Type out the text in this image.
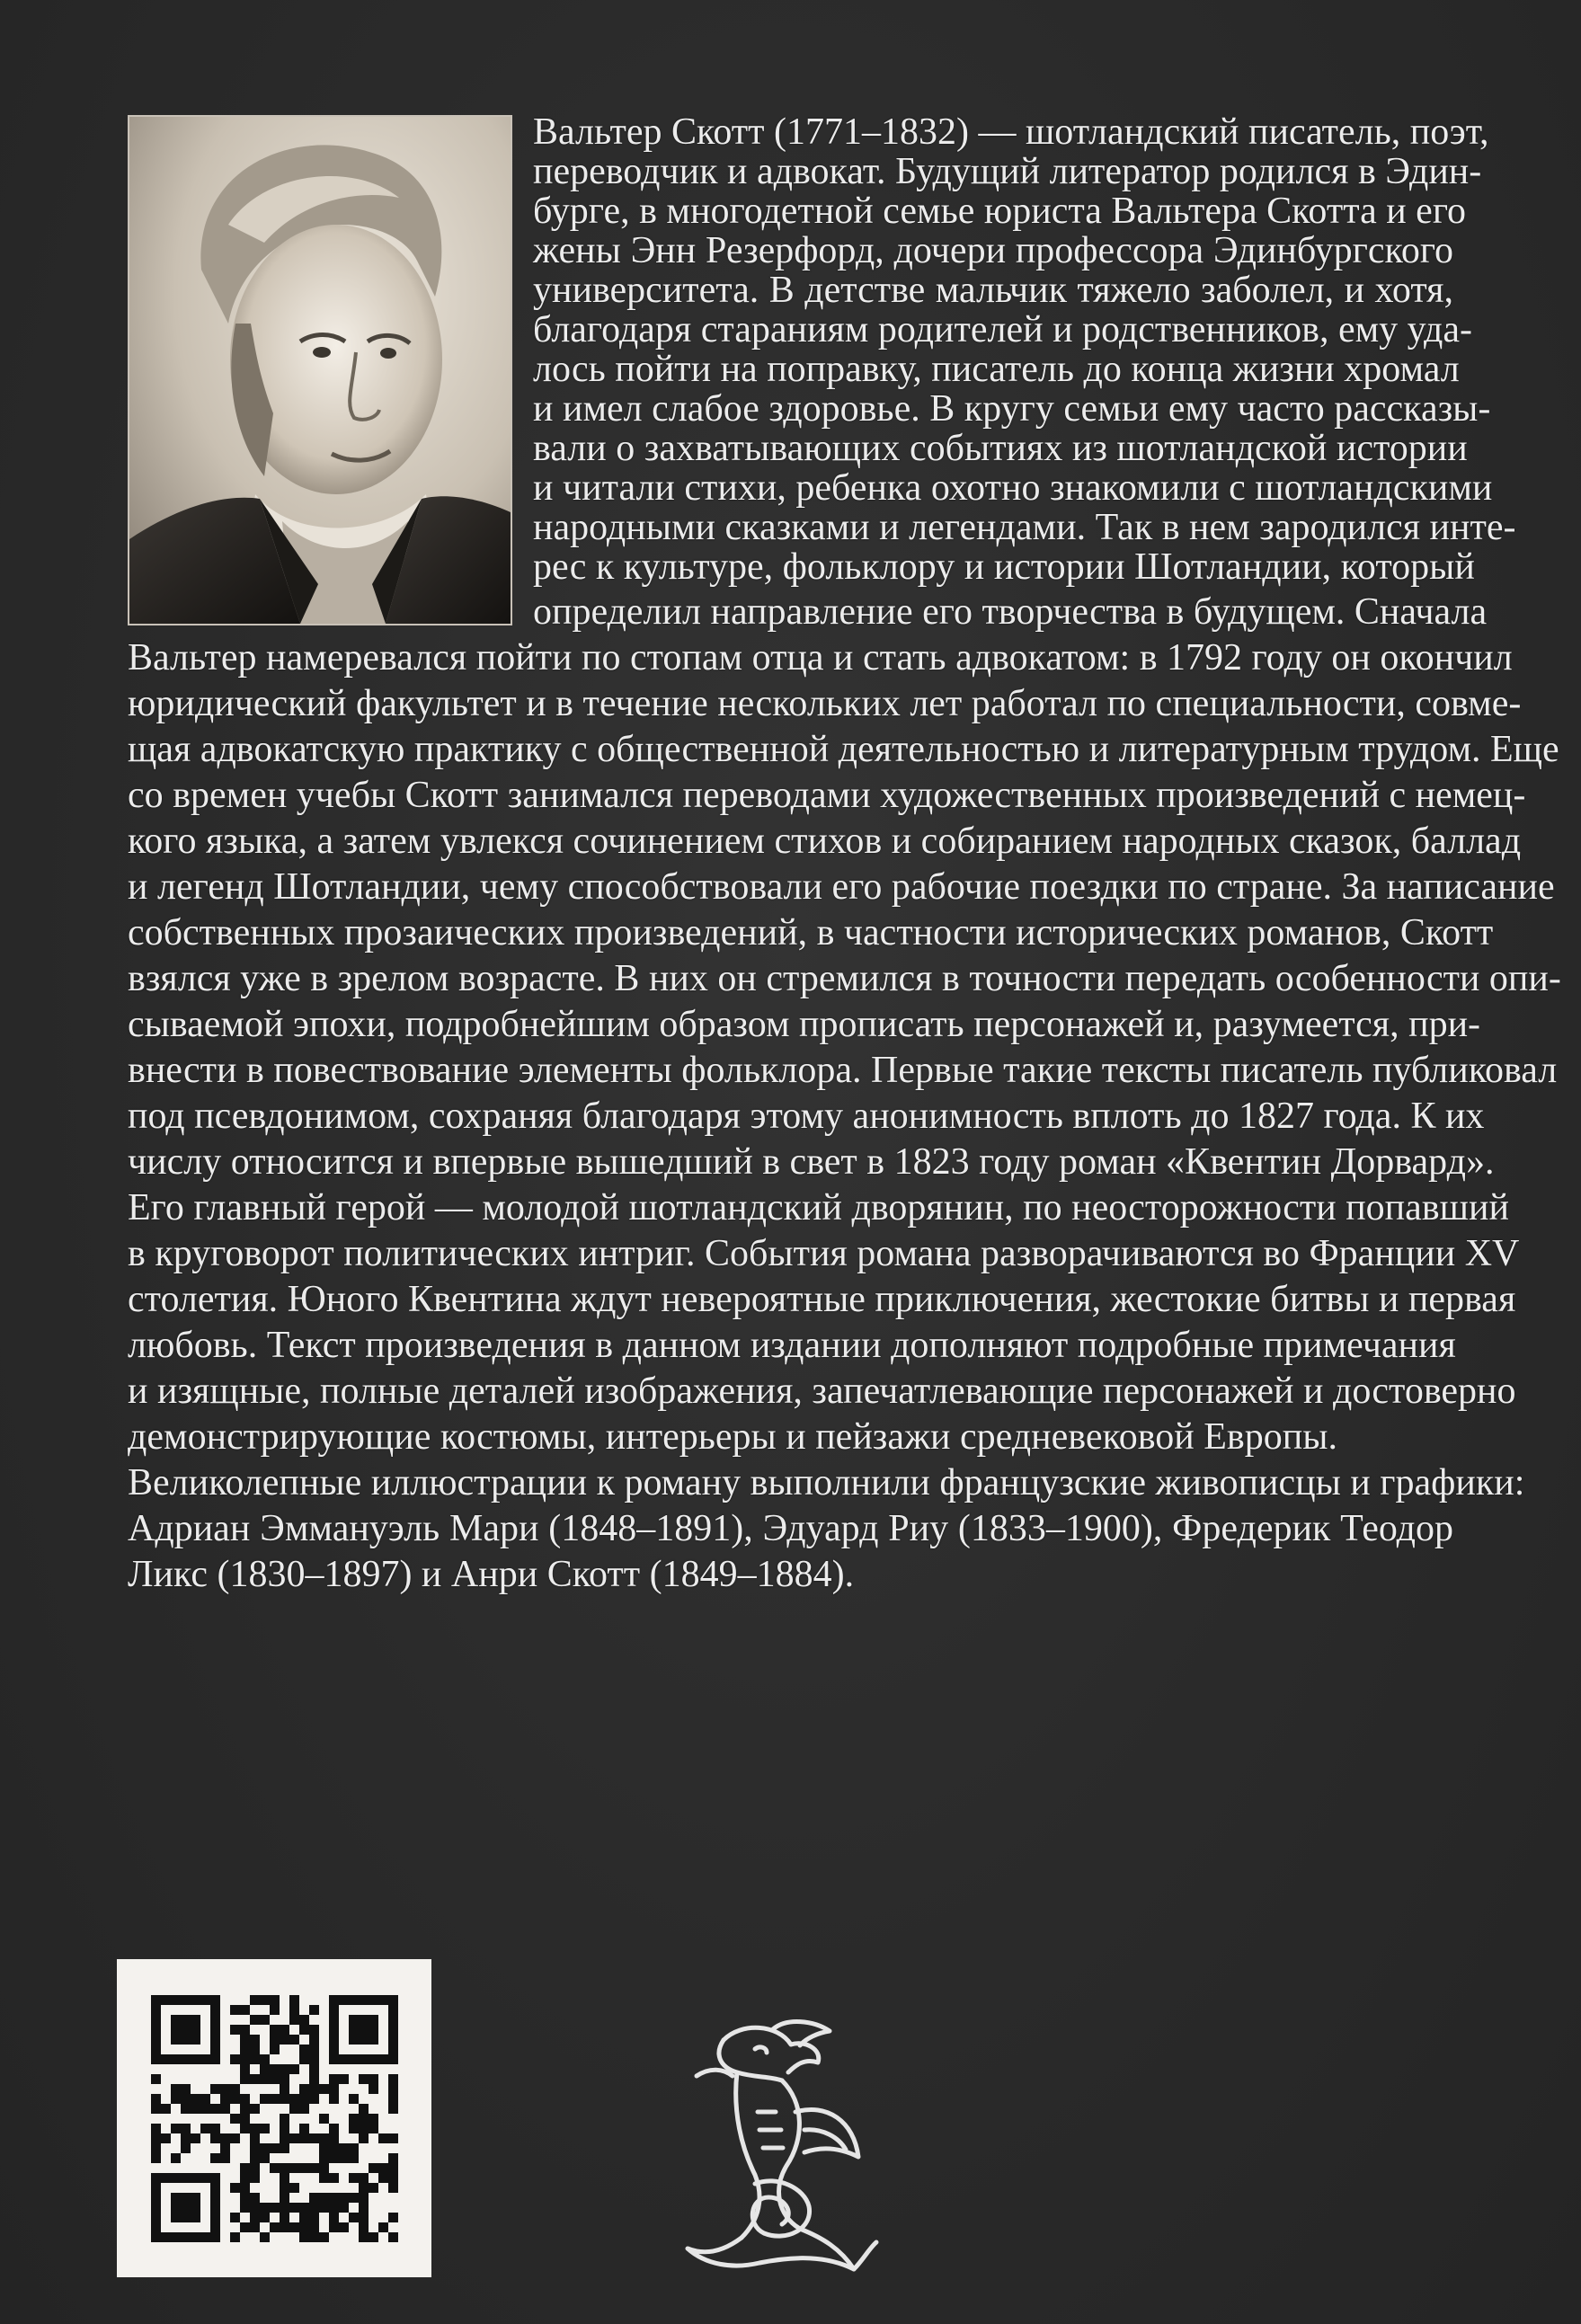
Вальтер Скотт (1771–1832) — шотландский писатель, поэт,
переводчик и адвокат. Будущий литератор родился в Эдин-
бурге, в многодетной семье юриста Вальтера Скотта и его
жены Энн Резерфорд, дочери профессора Эдинбургского
университета. В детстве мальчик тяжело заболел, и хотя,
благодаря стараниям родителей и родственников, ему уда-
лось пойти на поправку, писатель до конца жизни хромал
и имел слабое здоровье. В кругу семьи ему часто рассказы-
вали о захватывающих событиях из шотландской истории
и читали стихи, ребенка охотно знакомили с шотландскими
народными сказками и легендами. Так в нем зародился инте-
рес к культуре, фольклору и истории Шотландии, который
определил направление его творчества в будущем. Сначала
Вальтер намеревался пойти по стопам отца и стать адвокатом: в 1792 году он окончил
юридический факультет и в течение нескольких лет работал по специальности, совме-
щая адвокатскую практику с общественной деятельностью и литературным трудом. Еще
со времен учебы Скотт занимался переводами художественных произведений с немец-
кого языка, а затем увлекся сочинением стихов и собиранием народных сказок, баллад
и легенд Шотландии, чему способствовали его рабочие поездки по стране. За написание
собственных прозаических произведений, в частности исторических романов, Скотт
взялся уже в зрелом возрасте. В них он стремился в точности передать особенности опи-
сываемой эпохи, подробнейшим образом прописать персонажей и, разумеется, при-
внести в повествование элементы фольклора. Первые такие тексты писатель публиковал
под псевдонимом, сохраняя благодаря этому анонимность вплоть до 1827 года. К их
числу относится и впервые вышедший в свет в 1823 году роман «Квентин Дорвард».
Его главный герой — молодой шотландский дворянин, по неосторожности попавший
в круговорот политических интриг. События романа разворачиваются во Франции XV
столетия. Юного Квентина ждут невероятные приключения, жестокие битвы и первая
любовь. Текст произведения в данном издании дополняют подробные примечания
и изящные, полные деталей изображения, запечатлевающие персонажей и достоверно
демонстрирующие костюмы, интерьеры и пейзажи средневековой Европы.
Великолепные иллюстрации к роману выполнили французские живописцы и графики:
Адриан Эммануэль Мари (1848–1891), Эдуард Риу (1833–1900), Фредерик Теодор
Ликс (1830–1897) и Анри Скотт (1849–1884).
